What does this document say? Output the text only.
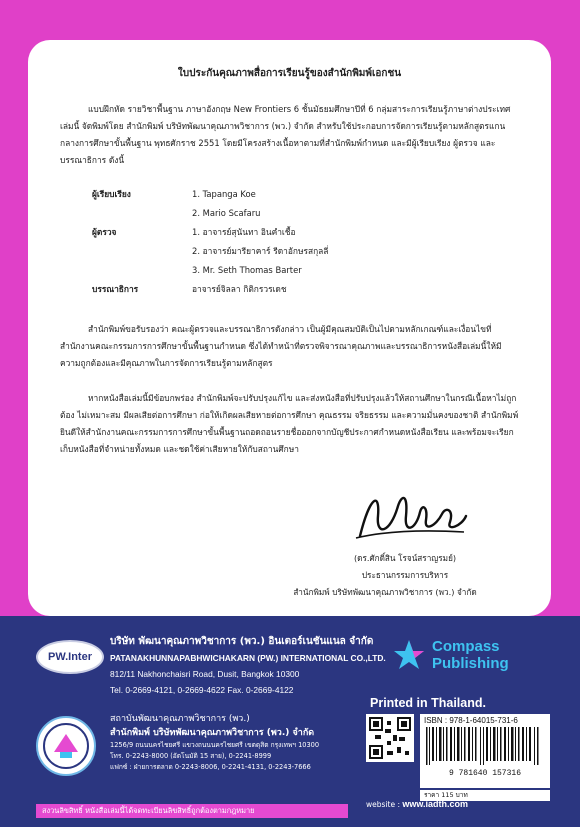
ใบประกันคุณภาพสื่อการเรียนรู้ของสำนักพิมพ์เอกชน

แบบฝึกหัด รายวิชาพื้นฐาน ภาษาอังกฤษ New Frontiers 6 ชั้นมัธยมศึกษาปีที่ 6 กลุ่มสาระการเรียนรู้ภาษาต่างประเทศ เล่มนี้ จัดพิมพ์โดย สำนักพิมพ์ บริษัทพัฒนาคุณภาพวิชาการ (พว.) จำกัด สำหรับใช้ประกอบการจัดการเรียนรู้ตามหลักสูตรแกนกลางการศึกษาขั้นพื้นฐาน พุทธศักราช 2551 โดยมีโครงสร้างเนื้อหาตามที่สำนักพิมพ์กำหนด และมีผู้เรียบเรียง ผู้ตรวจ และบรรณาธิการ ดังนี้

ผู้เรียบเรียง	1. Tapanga Koe
2. Mario Scafaru
ผู้ตรวจ	1. อาจารย์สุนันทา อินคำเชื้อ
2. อาจารย์มารียาคาร์ รีดาอักษรสกุลลี่
3. Mr. Seth Thomas Barter
บรรณาธิการ	อาจารย์จิลลา กิติกรวรเดช

สำนักพิมพ์ขอรับรองว่า คณะผู้ตรวจและบรรณาธิการดังกล่าว เป็นผู้มีคุณสมบัติเป็นไปตามหลักเกณฑ์และเงื่อนไขที่สำนักงานคณะกรรมการการศึกษาขั้นพื้นฐานกำหนด ซึ่งได้ทำหน้าที่ตรวจพิจารณาคุณภาพและบรรณาธิการหนังสือเล่มนี้ให้มีความถูกต้องและมีคุณภาพในการจัดการเรียนรู้ตามหลักสูตร

หากหนังสือเล่มนี้มีข้อบกพร่อง สำนักพิมพ์จะปรับปรุงแก้ไข และส่งหนังสือที่ปรับปรุงแล้วให้สถานศึกษาในกรณีเนื้อหาไม่ถูกต้อง ไม่เหมาะสม มีผลเสียต่อการศึกษา ก่อให้เกิดผลเสียหายต่อการศึกษา คุณธรรม จริยธรรม และความมั่นคงของชาติ สำนักพิมพ์ยินดีให้สำนักงานคณะกรรมการการศึกษาขั้นพื้นฐานถอดถอนรายชื่อออกจากบัญชีประกาศกำหนดหนังสือเรียน และพร้อมจะเรียกเก็บหนังสือที่จำหน่ายทั้งหมด และชดใช้ค่าเสียหายให้กับสถานศึกษา

(ดร.ศักดิ์สิน โรจน์สราญรมย์)
ประธานกรรมการบริหาร
สำนักพิมพ์ บริษัทพัฒนาคุณภาพวิชาการ (พว.) จำกัด
PW.Inter
บริษัท พัฒนาคุณภาพวิชาการ (พว.) อินเตอร์เนชันแนล จำกัด
PATANAKHUNNAPABHWICHAKARN (PW.) INTERNATIONAL CO.,LTD.
812/11 Nakhonchaisri Road, Dusit, Bangkok 10300
Tel. 0-2669-4121, 0-2669-4622 Fax. 0-2669-4122
Compass
Publishing
สถาบันพัฒนาคุณภาพวิชาการ (พว.)
สำนักพิมพ์ บริษัทพัฒนาคุณภาพวิชาการ (พว.) จำกัด
1256/9 ถนนนครไชยศรี แขวงถนนนครไชยศรี เขตดุสิต กรุงเทพฯ 10300
โทร. 0-2243-8000 (อัตโนมัติ 15 สาย), 0-2241-8999
แฟกซ์ : ฝ่ายการตลาด 0-2243-8006, 0-2241-4131, 0-2243-7666
Printed in Thailand.
ISBN : 978-1-64015-731-6
9 781640 157316
ราคา 115 บาท
website : www.iadth.com
สงวนลิขสิทธิ์ หนังสือเล่มนี้ได้จดทะเบียนลิขสิทธิ์ถูกต้องตามกฎหมาย
